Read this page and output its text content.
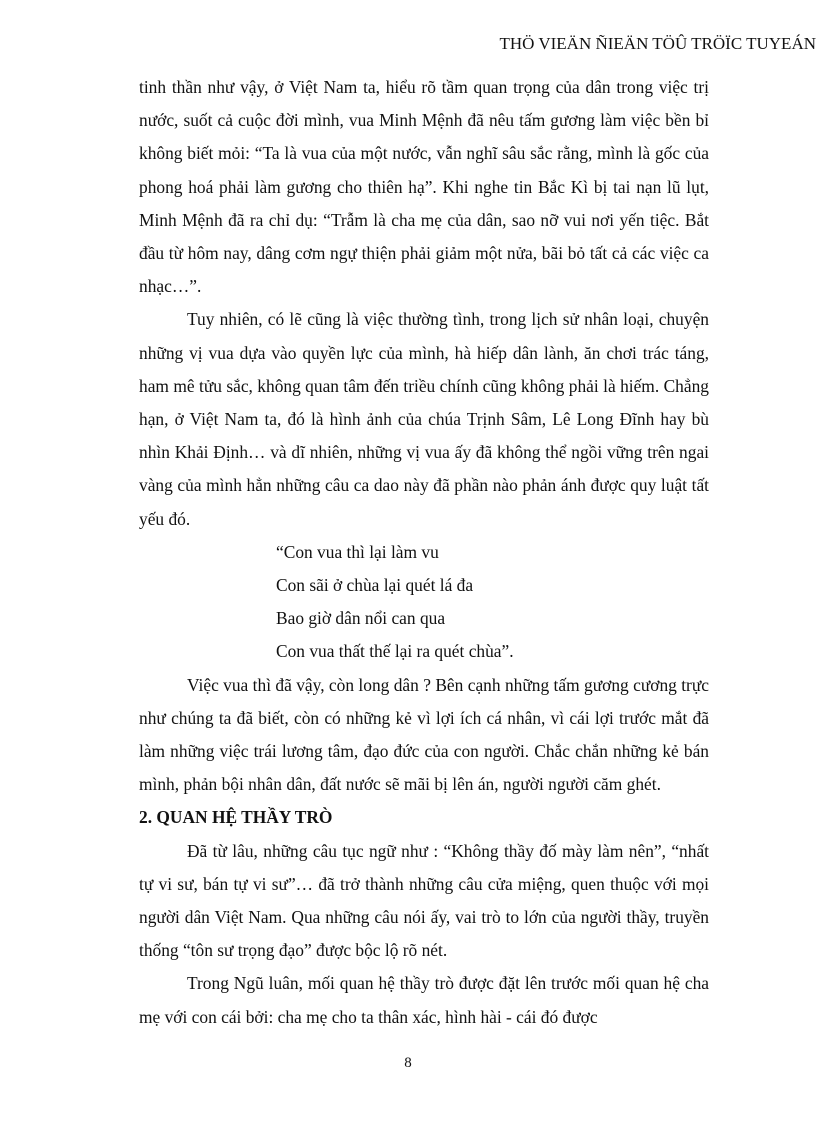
THÖ VIEÄN ÑIEÄN TÖÛ TRÖÏC TUYEÁN

tinh thần như vậy, ở Việt Nam ta, hiểu rõ tầm quan trọng của dân trong việc trị nước, suốt cả cuộc đời mình, vua Minh Mệnh đã nêu tấm gương làm việc bền bỉ không biết mỏi: “Ta là vua của một nước, vẫn nghĩ sâu sắc rằng, mình là gốc của phong hoá phải làm gương cho thiên hạ”. Khi nghe tin Bắc Kì bị tai nạn lũ lụt, Minh Mệnh đã ra chỉ dụ: “Trẫm là cha mẹ của dân, sao nỡ vui nơi yến tiệc. Bắt đầu từ hôm nay, dâng cơm ngự thiện phải giảm một nửa, bãi bỏ tất cả các việc ca nhạc…”.

Tuy nhiên, có lẽ cũng là việc thường tình, trong lịch sử nhân loại, chuyện những vị vua dựa vào quyền lực của mình, hà hiếp dân lành, ăn chơi trác táng, ham mê tửu sắc, không quan tâm đến triều chính cũng không phải là hiếm. Chẳng hạn, ở Việt Nam ta, đó là hình ảnh của chúa Trịnh Sâm, Lê Long Đĩnh hay bù nhìn Khải Định… và dĩ nhiên, những vị vua ấy đã không thể ngồi vững trên ngai vàng của mình hẳn những câu ca dao này đã phần nào phản ánh được quy luật tất yếu đó.

“Con vua thì lại làm vu
Con sãi ở chùa lại quét lá đa
Bao giờ dân nổi can qua
Con vua thất thế lại ra quét chùa”.

Việc vua thì đã vậy, còn long dân ? Bên cạnh những tấm gương cương trực như chúng ta đã biết, còn có những kẻ vì lợi ích cá nhân, vì cái lợi trước mắt đã làm những việc trái lương tâm, đạo đức của con người. Chắc chắn những kẻ bán mình, phản bội nhân dân, đất nước sẽ mãi bị lên án, người người căm ghét.

2. QUAN HỆ THẦY TRÒ

Đã từ lâu, những câu tục ngữ như : “Không thầy đố mày làm nên”, “nhất tự vi sư, bán tự vi sư”… đã trở thành những câu cửa miệng, quen thuộc với mọi người dân Việt Nam. Qua những câu nói ấy, vai trò to lớn của người thầy, truyền thống “tôn sư trọng đạo” được bộc lộ rõ nét.

Trong Ngũ luân, mối quan hệ thầy trò được đặt lên trước mối quan hệ cha mẹ với con cái bởi: cha mẹ cho ta thân xác, hình hài - cái đó được

8
